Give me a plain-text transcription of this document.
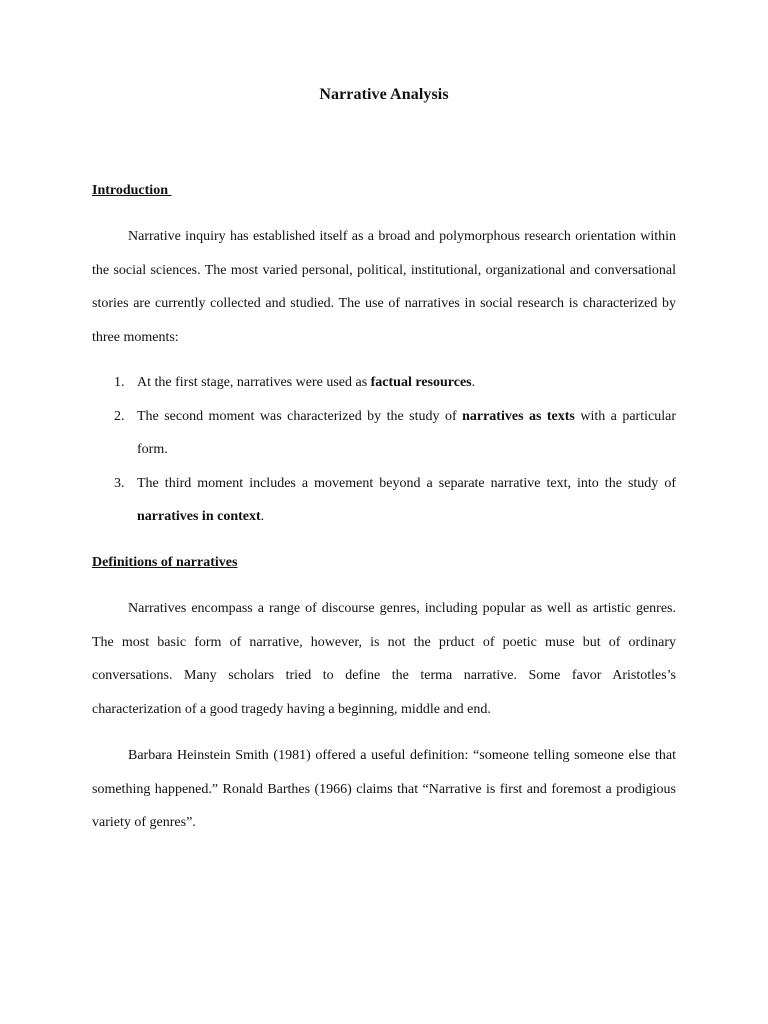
Narrative Analysis
Introduction

Narrative inquiry has established itself as a broad and polymorphous research orientation within the social sciences. The most varied personal, political, institutional, organizational and conversational stories are currently collected and studied. The use of narratives in social research is characterized by three moments:

1. At the first stage, narratives were used as factual resources.
2. The second moment was characterized by the study of narratives as texts with a particular form.
3. The third moment includes a movement beyond a separate narrative text, into the study of narratives in context.
Definitions of narratives

Narratives encompass a range of discourse genres, including popular as well as artistic genres. The most basic form of narrative, however, is not the prduct of poetic muse but of ordinary conversations. Many scholars tried to define the terma narrative. Some favor Aristotles’s characterization of a good tragedy having a beginning, middle and end.

Barbara Heinstein Smith (1981) offered a useful definition: “someone telling someone else that something happened.” Ronald Barthes (1966) claims that “Narrative is first and foremost a prodigious variety of genres”.
